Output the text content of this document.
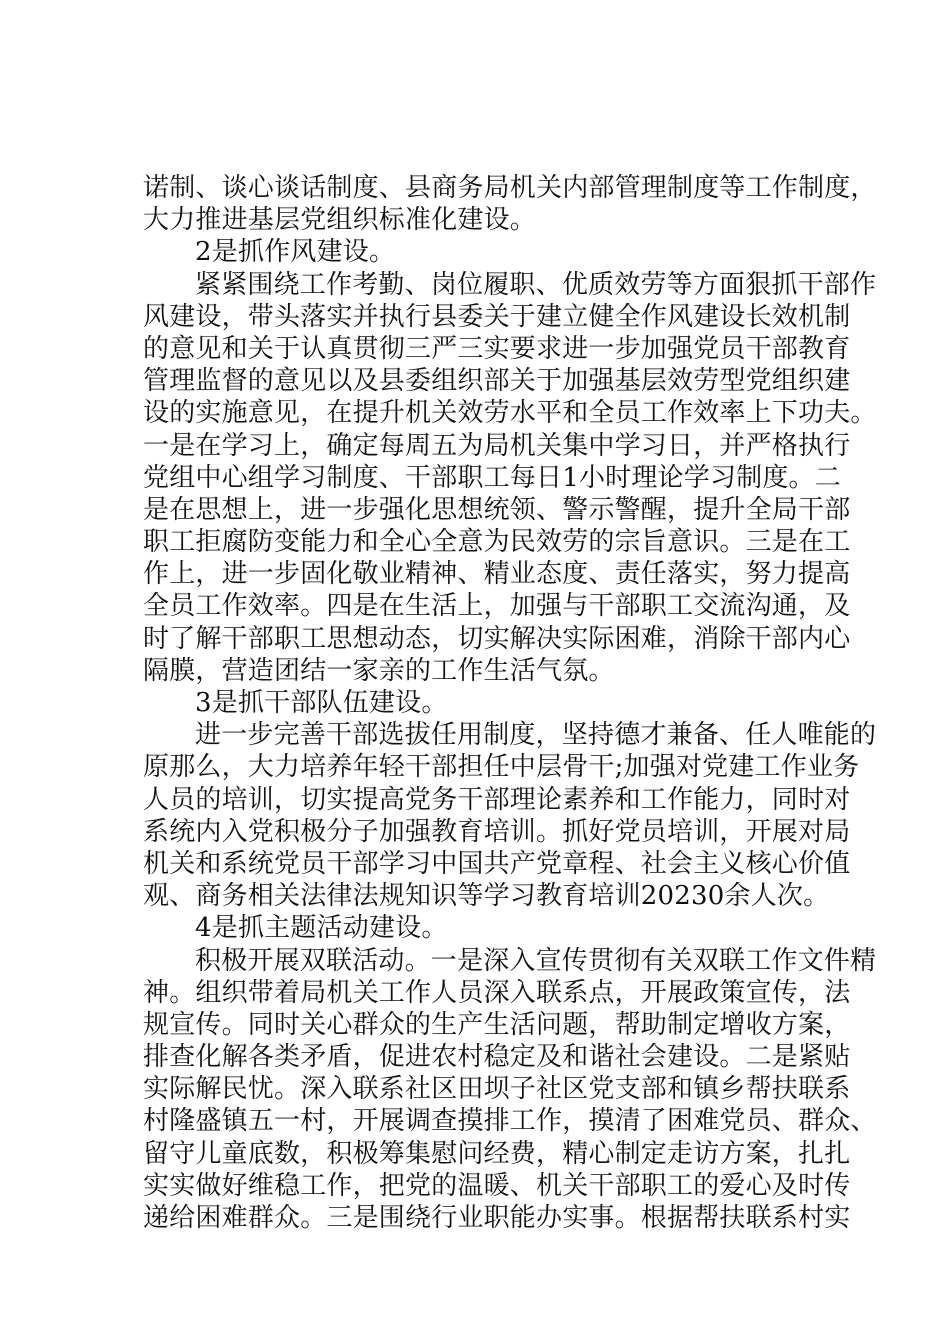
诺制、谈心谈话制度、县商务局机关内部管理制度等工作制度，
大力推进基层党组织标准化建设。
2是抓作风建设。
紧紧围绕工作考勤、岗位履职、优质效劳等方面狠抓干部作
风建设，带头落实并执行县委关于建立健全作风建设长效机制
的意见和关于认真贯彻三严三实要求进一步加强党员干部教育
管理监督的意见以及县委组织部关于加强基层效劳型党组织建
设的实施意见，在提升机关效劳水平和全员工作效率上下功夫。
一是在学习上，确定每周五为局机关集中学习日，并严格执行
党组中心组学习制度、干部职工每日1小时理论学习制度。二
是在思想上，进一步强化思想统领、警示警醒，提升全局干部
职工拒腐防变能力和全心全意为民效劳的宗旨意识。三是在工
作上，进一步固化敬业精神、精业态度、责任落实，努力提高
全员工作效率。四是在生活上，加强与干部职工交流沟通，及
时了解干部职工思想动态，切实解决实际困难，消除干部内心
隔膜，营造团结一家亲的工作生活气氛。
3是抓干部队伍建设。
进一步完善干部选拔任用制度，坚持德才兼备、任人唯能的
原那么，大力培养年轻干部担任中层骨干;加强对党建工作业务
人员的培训，切实提高党务干部理论素养和工作能力，同时对
系统内入党积极分子加强教育培训。抓好党员培训，开展对局
机关和系统党员干部学习中国共产党章程、社会主义核心价值
观、商务相关法律法规知识等学习教育培训20230余人次。
4是抓主题活动建设。
积极开展双联活动。一是深入宣传贯彻有关双联工作文件精
神。组织带着局机关工作人员深入联系点，开展政策宣传，法
规宣传。同时关心群众的生产生活问题，帮助制定增收方案，
排查化解各类矛盾，促进农村稳定及和谐社会建设。二是紧贴
实际解民忧。深入联系社区田坝子社区党支部和镇乡帮扶联系
村隆盛镇五一村，开展调查摸排工作，摸清了困难党员、群众、
留守儿童底数，积极筹集慰问经费，精心制定走访方案，扎扎
实实做好维稳工作，把党的温暖、机关干部职工的爱心及时传
递给困难群众。三是围绕行业职能办实事。根据帮扶联系村实
